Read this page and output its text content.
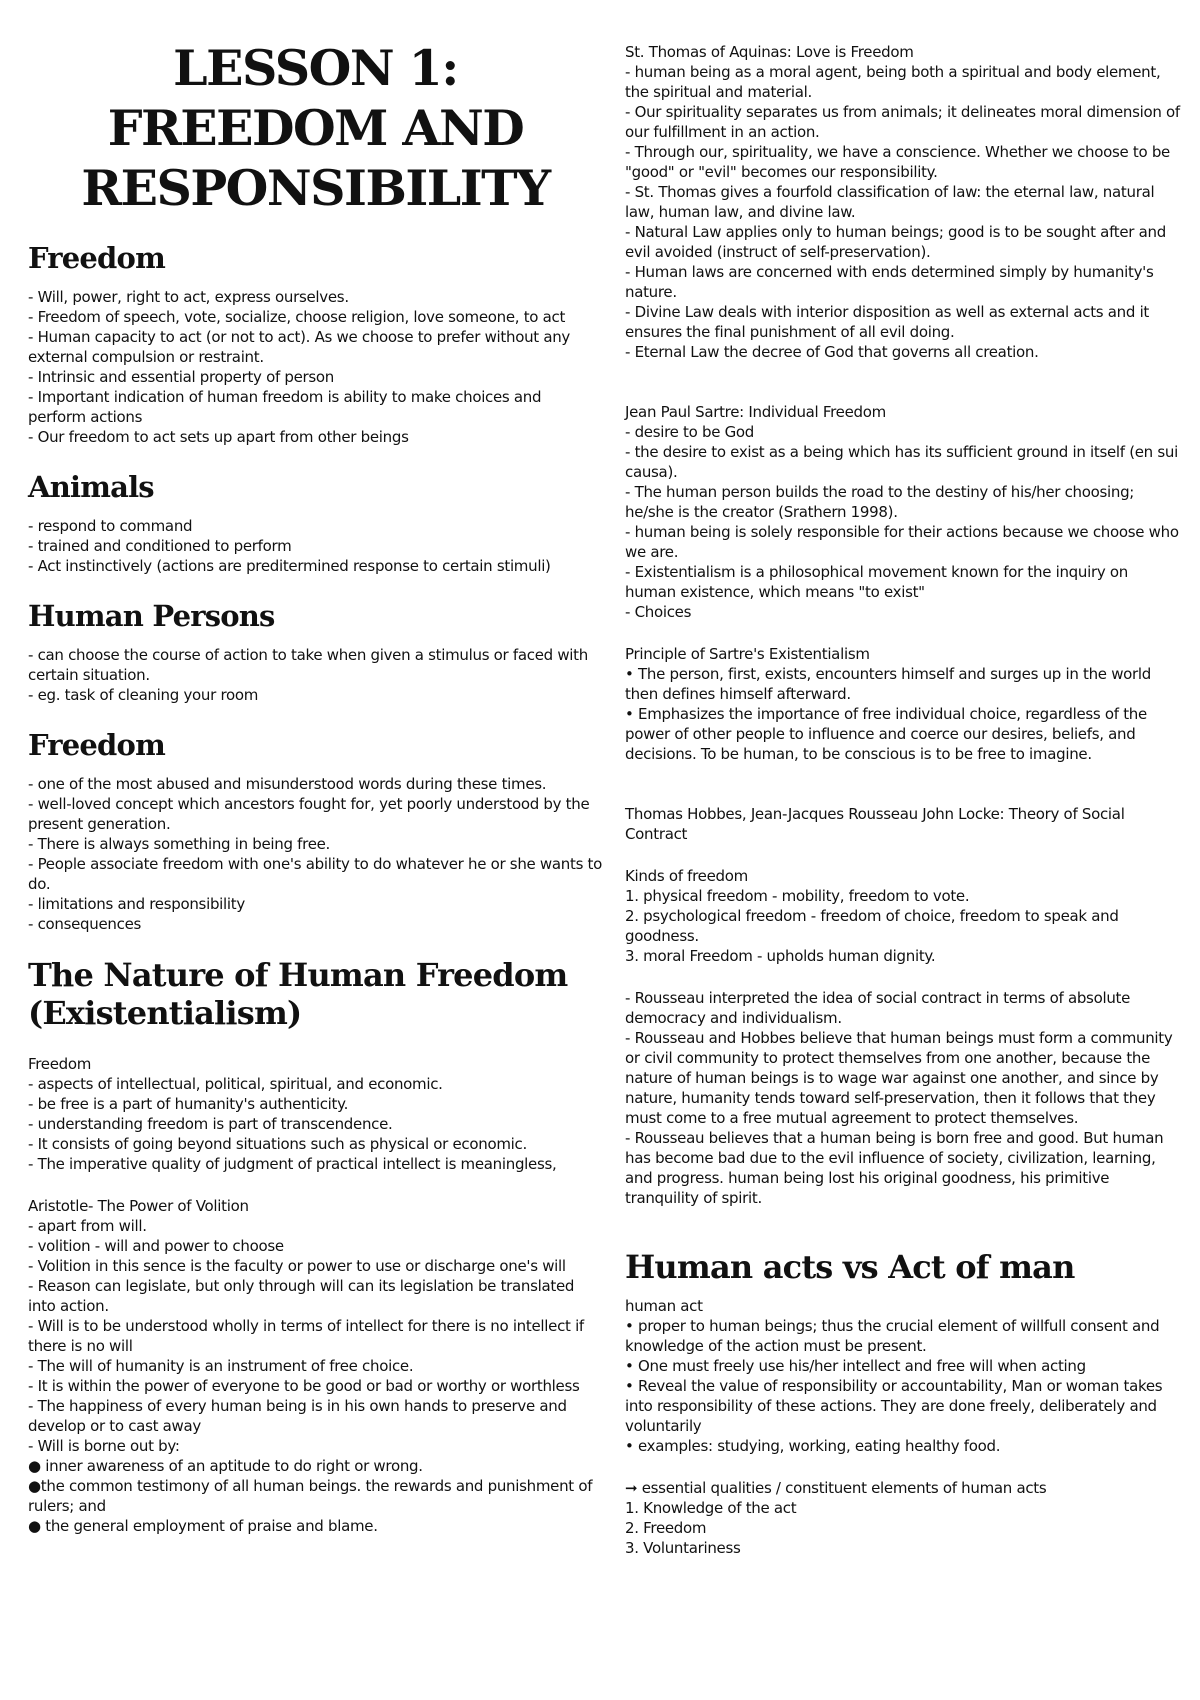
LESSON 1: FREEDOM AND RESPONSIBILITY
Freedom

- Will, power, right to act, express ourselves.

- Freedom of speech, vote, socialize, choose religion, love someone, to act

- Human capacity to act (or not to act). As we choose to prefer without any external compulsion or restraint.

- Intrinsic and essential property of person

- Important indication of human freedom is ability to make choices and perform actions

- Our freedom to act sets up apart from other beings

Animals

- respond to command

- trained and conditioned to perform

- Act instinctively (actions are preditermined response to certain stimuli)

Human Persons

- can choose the course of action to take when given a stimulus or faced with certain situation.

- eg. task of cleaning your room

Freedom

- one of the most abused and misunderstood words during these times.

- well-loved concept which ancestors fought for, yet poorly understood by the present generation.

- There is always something in being free.

- People associate freedom with one's ability to do whatever he or she wants to do.

- limitations and responsibility

- consequences

The Nature of Human Freedom (Existentialism)

Freedom

- aspects of intellectual, political, spiritual, and economic.

- be free is a part of humanity's authenticity.

- understanding freedom is part of transcendence.

- It consists of going beyond situations such as physical or economic.

- The imperative quality of judgment of practical intellect is meaningless,

Aristotle- The Power of Volition

- apart from will.

- volition - will and power to choose

- Volition in this sence is the faculty or power to use or discharge one's will

- Reason can legislate, but only through will can its legislation be translated into action.

- Will is to be understood wholly in terms of intellect for there is no intellect if there is no will

- The will of humanity is an instrument of free choice.

- It is within the power of everyone to be good or bad or worthy or worthless

- The happiness of every human being is in his own hands to preserve and develop or to cast away

- Will is borne out by:

● inner awareness of an aptitude to do right or wrong.

●the common testimony of all human beings. the rewards and punishment of rulers; and

● the general employment of praise and blame.

St. Thomas of Aquinas: Love is Freedom

- human being as a moral agent, being both a spiritual and body element, the spiritual and material.

- Our spirituality separates us from animals; it delineates moral dimension of our fulfillment in an action.

- Through our, spirituality, we have a conscience. Whether we choose to be "good" or "evil" becomes our responsibility.

- St. Thomas gives a fourfold classification of law: the eternal law, natural law, human law, and divine law.

- Natural Law applies only to human beings; good is to be sought after and evil avoided (instruct of self-preservation).

- Human laws are concerned with ends determined simply by humanity's nature.

- Divine Law deals with interior disposition as well as external acts and it ensures the final punishment of all evil doing.

- Eternal Law the decree of God that governs all creation.

Jean Paul Sartre: Individual Freedom

- desire to be God

- the desire to exist as a being which has its sufficient ground in itself (en sui causa).

- The human person builds the road to the destiny of his/her choosing; he/she is the creator (Srathern 1998).

- human being is solely responsible for their actions because we choose who we are.

- Existentialism is a philosophical movement known for the inquiry on human existence, which means "to exist"

- Choices

Principle of Sartre's Existentialism

• The person, first, exists, encounters himself and surges up in the world then defines himself afterward.

• Emphasizes the importance of free individual choice, regardless of the power of other people to influence and coerce our desires, beliefs, and decisions. To be human, to be conscious is to be free to imagine.

Thomas Hobbes, Jean-Jacques Rousseau John Locke: Theory of Social Contract

Kinds of freedom

1. physical freedom - mobility, freedom to vote.

2. psychological freedom - freedom of choice, freedom to speak and goodness.

3. moral Freedom - upholds human dignity.

- Rousseau interpreted the idea of social contract in terms of absolute democracy and individualism.

- Rousseau and Hobbes believe that human beings must form a community or civil community to protect themselves from one another, because the nature of human beings is to wage war against one another, and since by nature, humanity tends toward self-preservation, then it follows that they must come to a free mutual agreement to protect themselves.

- Rousseau believes that a human being is born free and good. But human has become bad due to the evil influence of society, civilization, learning, and progress. human being lost his original goodness, his primitive tranquility of spirit.

Human acts vs Act of man

human act

• proper to human beings; thus the crucial element of willfull consent and knowledge of the action must be present.

• One must freely use his/her intellect and free will when acting

• Reveal the value of responsibility or accountability, Man or woman takes into responsibility of these actions. They are done freely, deliberately and voluntarily

• examples: studying, working, eating healthy food.

➞ essential qualities / constituent elements of human acts

1. Knowledge of the act

2. Freedom

3. Voluntariness
